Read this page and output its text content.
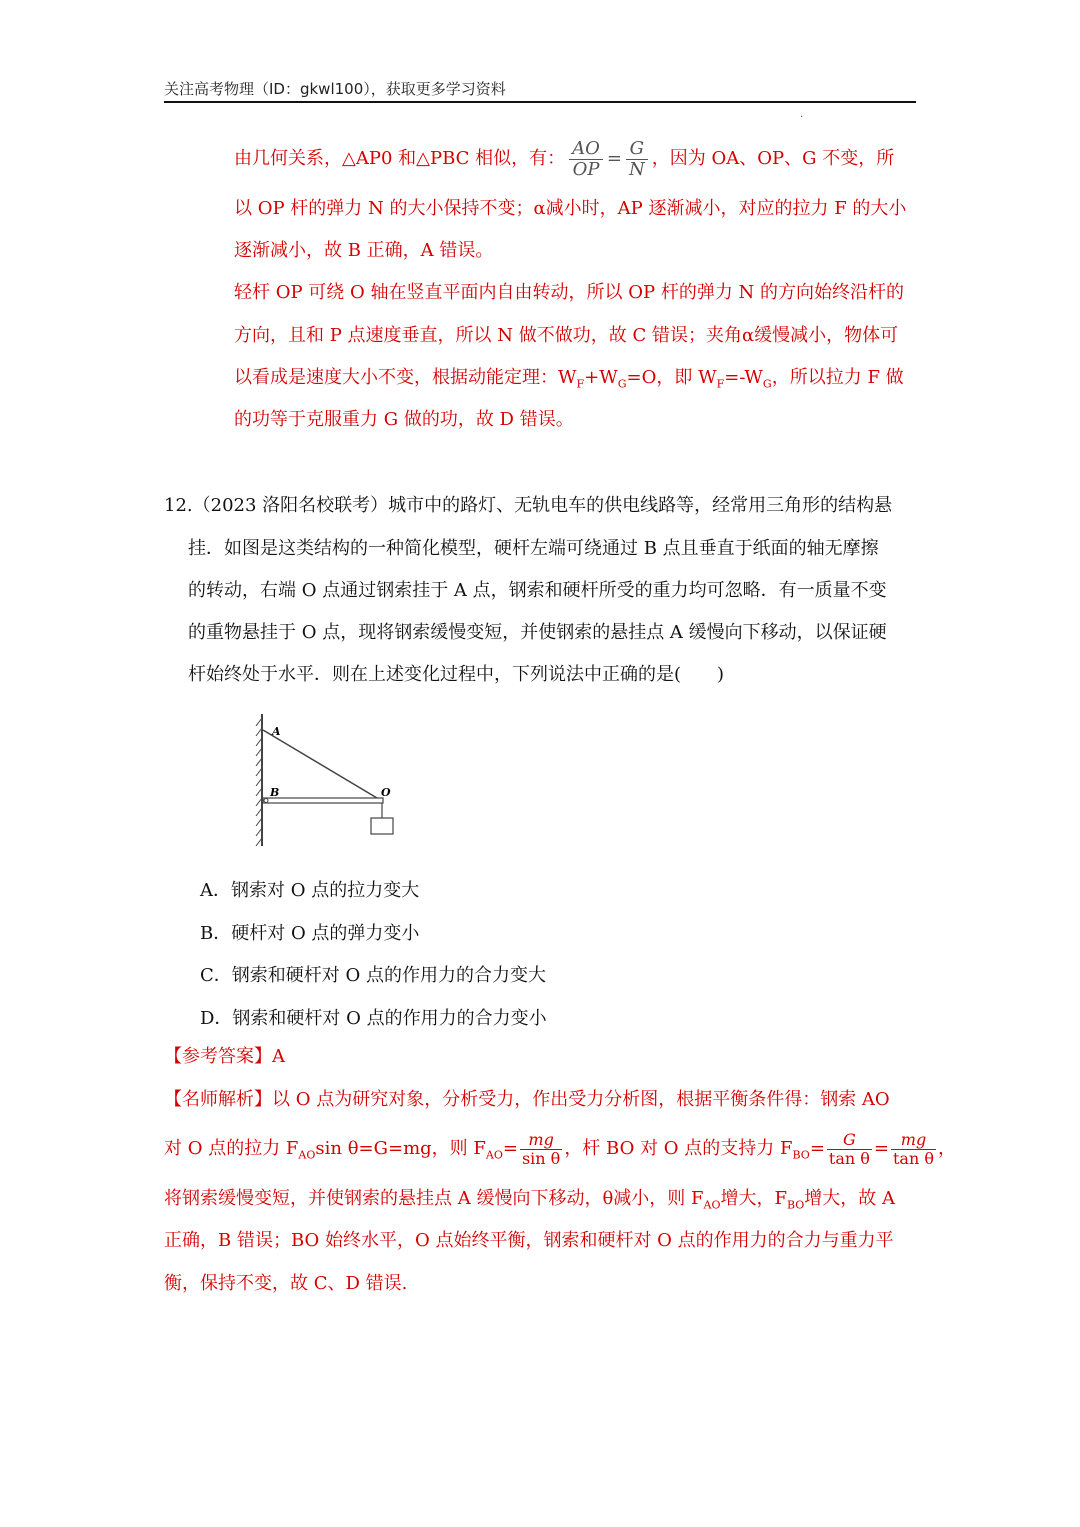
关注高考物理（ID：gkwl100），获取更多学习资料
·
由几何关系，△AP0 和△PBC 相似，有： $\frac{AO}{OP} = \frac{G}{N}$ ，因为 OA、OP、G 不变，所
以 OP 杆的弹力 N 的大小保持不变；α减小时，AP 逐渐减小，对应的拉力 F 的大小
逐渐减小，故 B 正确，A 错误。
轻杆 OP 可绕 O 轴在竖直平面内自由转动，所以 OP 杆的弹力 N 的方向始终沿杆的
方向，且和 P 点速度垂直，所以 N 做不做功，故 C 错误；夹角α缓慢减小，物体可
以看成是速度大小不变，根据动能定理：$W_F+W_G=O$，即 $W_F=-W_G$，所以拉力 F 做
的功等于克服重力 G 做的功，故 D 错误。
12.（2023 洛阳名校联考）城市中的路灯、无轨电车的供电线路等，经常用三角形的结构悬
挂．如图是这类结构的一种简化模型，硬杆左端可绕通过 B 点且垂直于纸面的轴无摩擦
的转动，右端 O 点通过钢索挂于 A 点，钢索和硬杆所受的重力均可忽略．有一质量不变
的重物悬挂于 O 点，现将钢索缓慢变短，并使钢索的悬挂点 A 缓慢向下移动，以保证硬
杆始终处于水平．则在上述变化过程中，下列说法中正确的是(　　)
A
B	O
A．钢索对 O 点的拉力变大
B．硬杆对 O 点的弹力变小
C．钢索和硬杆对 O 点的作用力的合力变大
D．钢索和硬杆对 O 点的作用力的合力变小
【参考答案】A
【名师解析】以 O 点为研究对象，分析受力，作出受力分析图，根据平衡条件得：钢索 AO
对 O 点的拉力 $F_{AO}\sin$ θ=G=mg，则 $F_{AO}= \frac{mg}{\text{sin θ}}$ ，杆 BO 对 O 点的支持力 $F_{BO}= \frac{G}{\text{tan θ}} = \frac{mg}{\text{tan θ}}$ ，
将钢索缓慢变短，并使钢索的悬挂点 A 缓慢向下移动，θ减小，则 $F_{AO}$增大，$F_{BO}$增大，故 A
正确，B 错误；BO 始终水平，O 点始终平衡，钢索和硬杆对 O 点的作用力的合力与重力平
衡，保持不变，故 C、D 错误.
